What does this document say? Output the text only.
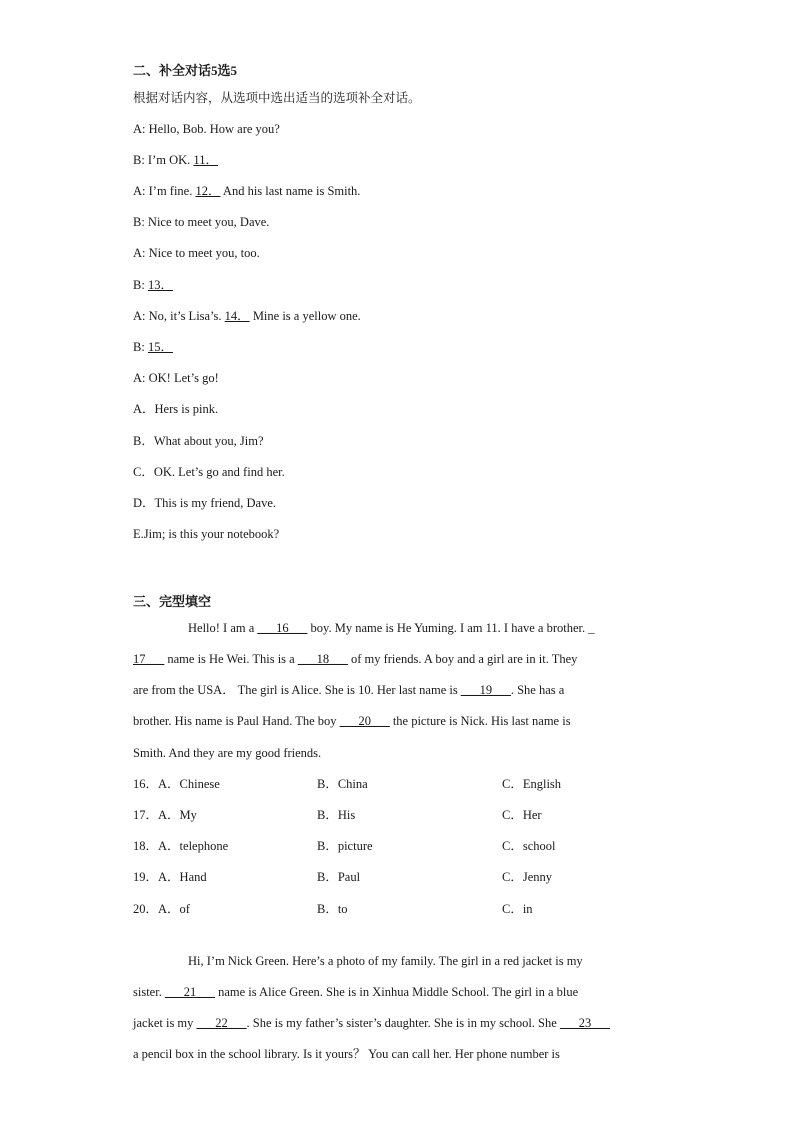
二、补全对话5选5
根据对话内容，从选项中选出适当的选项补全对话。
A: Hello, Bob. How are you?
B: I’m OK. 11．
A: I’m fine. 12． And his last name is Smith.
B: Nice to meet you, Dave.
A: Nice to meet you, too.
B: 13．
A: No, it’s Lisa’s. 14． Mine is a yellow one.
B: 15．
A: OK! Let’s go!
A．Hers is pink.
B．What about you, Jim?
C．OK. Let’s go and find her.
D．This is my friend, Dave.
E.Jim; is this your notebook?
三、完型填空
Hello! I am a ___16___ boy. My name is He Yuming. I am 11. I have a brother. _
17___ name is He Wei. This is a ___18___ of my friends. A boy and a girl are in it. They
are from the USA． The girl is Alice. She is 10. Her last name is ___19___. She has a
brother. His name is Paul Hand. The boy ___20___ the picture is Nick. His last name is
Smith. And they are my good friends.
16．A．Chinese	B．China	C．English
17．A．My	B．His	C．Her
18．A．telephone	B．picture	C．school
19．A．Hand	B．Paul	C．Jenny
20．A．of	B．to	C．in
Hi, I’m Nick Green. Here’s a photo of my family. The girl in a red jacket is my
sister. ___21___ name is Alice Green. She is in Xinhua Middle School. The girl in a blue
jacket is my ___22___. She is my father’s sister’s daughter. She is in my school. She ___23___
a pencil box in the school library. Is it yours？ You can call her. Her phone number is
